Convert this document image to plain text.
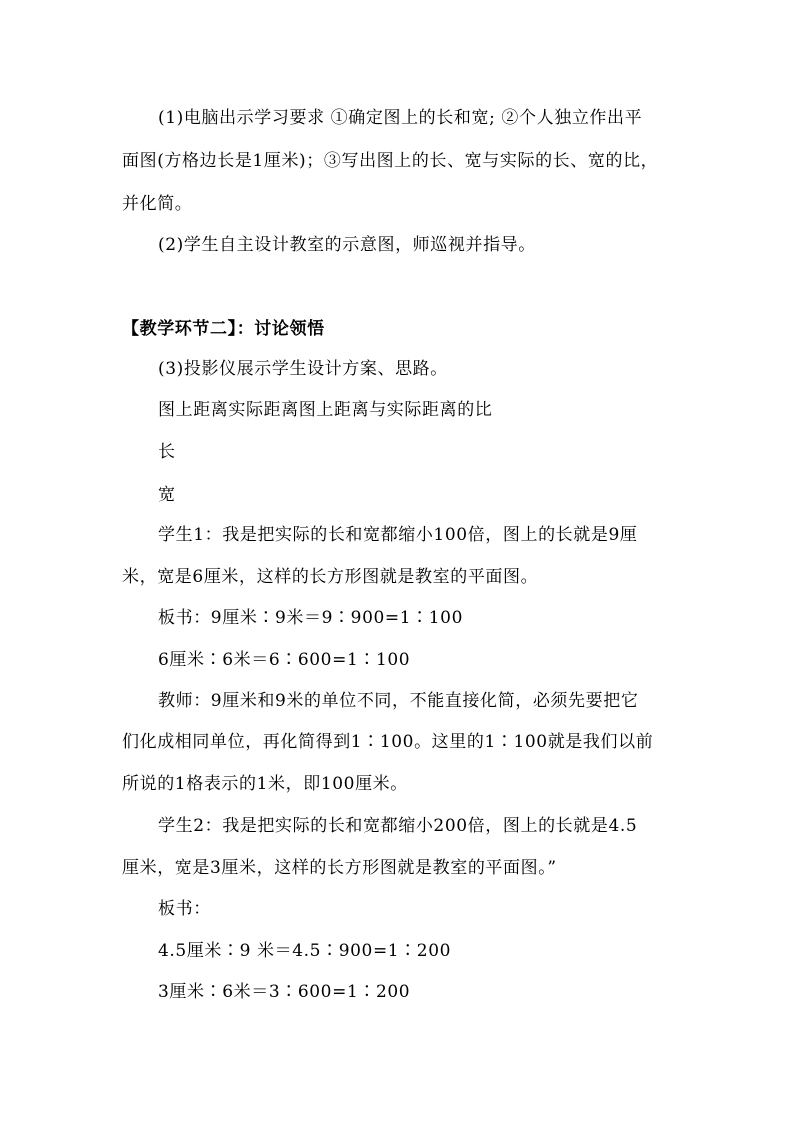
(1)电脑出示学习要求 ①确定图上的长和宽; ②个人独立作出平
面图(方格边长是1厘米)；③写出图上的长、宽与实际的长、宽的比，
并化简。
(2)学生自主设计教室的示意图，师巡视并指导。
【教学环节二】：讨论领悟
(3)投影仪展示学生设计方案、思路。
图上距离实际距离图上距离与实际距离的比
长
宽
学生1：我是把实际的长和宽都缩小100倍，图上的长就是9厘
米，宽是6厘米，这样的长方形图就是教室的平面图。
板书：9厘米∶9米＝9∶900=1∶100
6厘米∶6米＝6∶600=1∶100
教师：9厘米和9米的单位不同，不能直接化简，必须先要把它
们化成相同单位，再化简得到1∶100。这里的1∶100就是我们以前
所说的1格表示的1米，即100厘米。
学生2：我是把实际的长和宽都缩小200倍，图上的长就是4.5
厘米，宽是3厘米，这样的长方形图就是教室的平面图。”
板书：
4.5厘米∶9 米＝4.5∶900=1∶200
3厘米∶6米＝3∶600=1∶200
